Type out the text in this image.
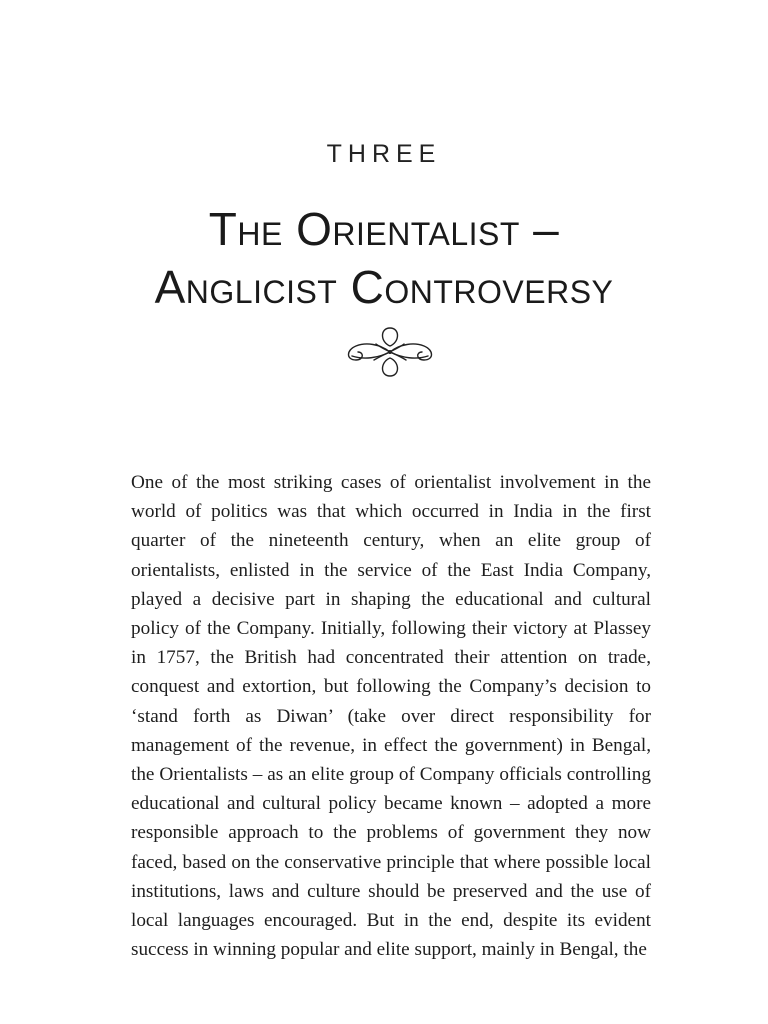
THREE
The Orientalist –
Anglicist Controversy

One of the most striking cases of orientalist involvement in the world of politics was that which occurred in India in the first quarter of the nineteenth century, when an elite group of orientalists, enlisted in the service of the East India Company, played a decisive part in shaping the educational and cultural policy of the Company. Initially, following their victory at Plassey in 1757, the British had concentrated their attention on trade, conquest and extortion, but following the Company’s decision to ‘stand forth as Diwan’ (take over direct responsibility for management of the revenue, in effect the government) in Bengal, the Orientalists – as an elite group of Company officials controlling educational and cultural policy became known – adopted a more responsible approach to the problems of government they now faced, based on the conservative principle that where possible local institutions, laws and culture should be preserved and the use of local languages encouraged. But in the end, despite its evident success in winning popular and elite support, mainly in Bengal, the
